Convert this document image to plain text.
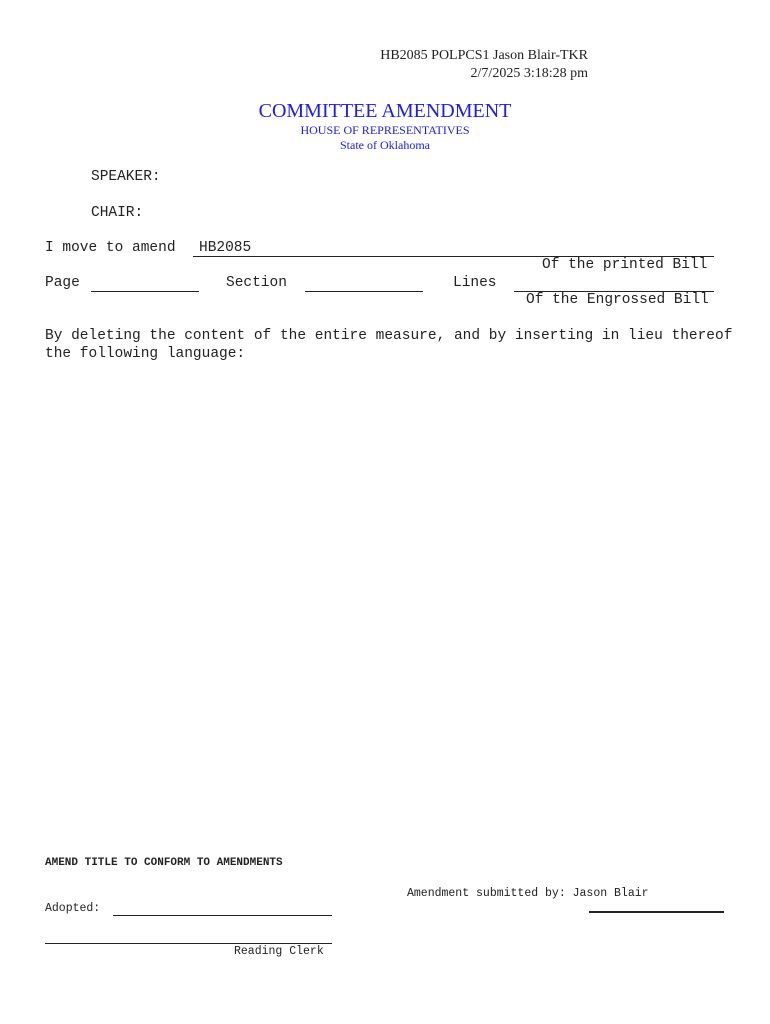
HB2085 POLPCS1 Jason Blair-TKR
2/7/2025 3:18:28 pm
COMMITTEE AMENDMENT
HOUSE OF REPRESENTATIVES
State of Oklahoma
SPEAKER:
CHAIR:
I move to amend HB2085
Of the printed Bill
Page	Section	Lines
Of the Engrossed Bill
By deleting the content of the entire measure, and by inserting in lieu thereof the following language:
AMEND TITLE TO CONFORM TO AMENDMENTS
Amendment submitted by: Jason Blair
Adopted:
Reading Clerk
